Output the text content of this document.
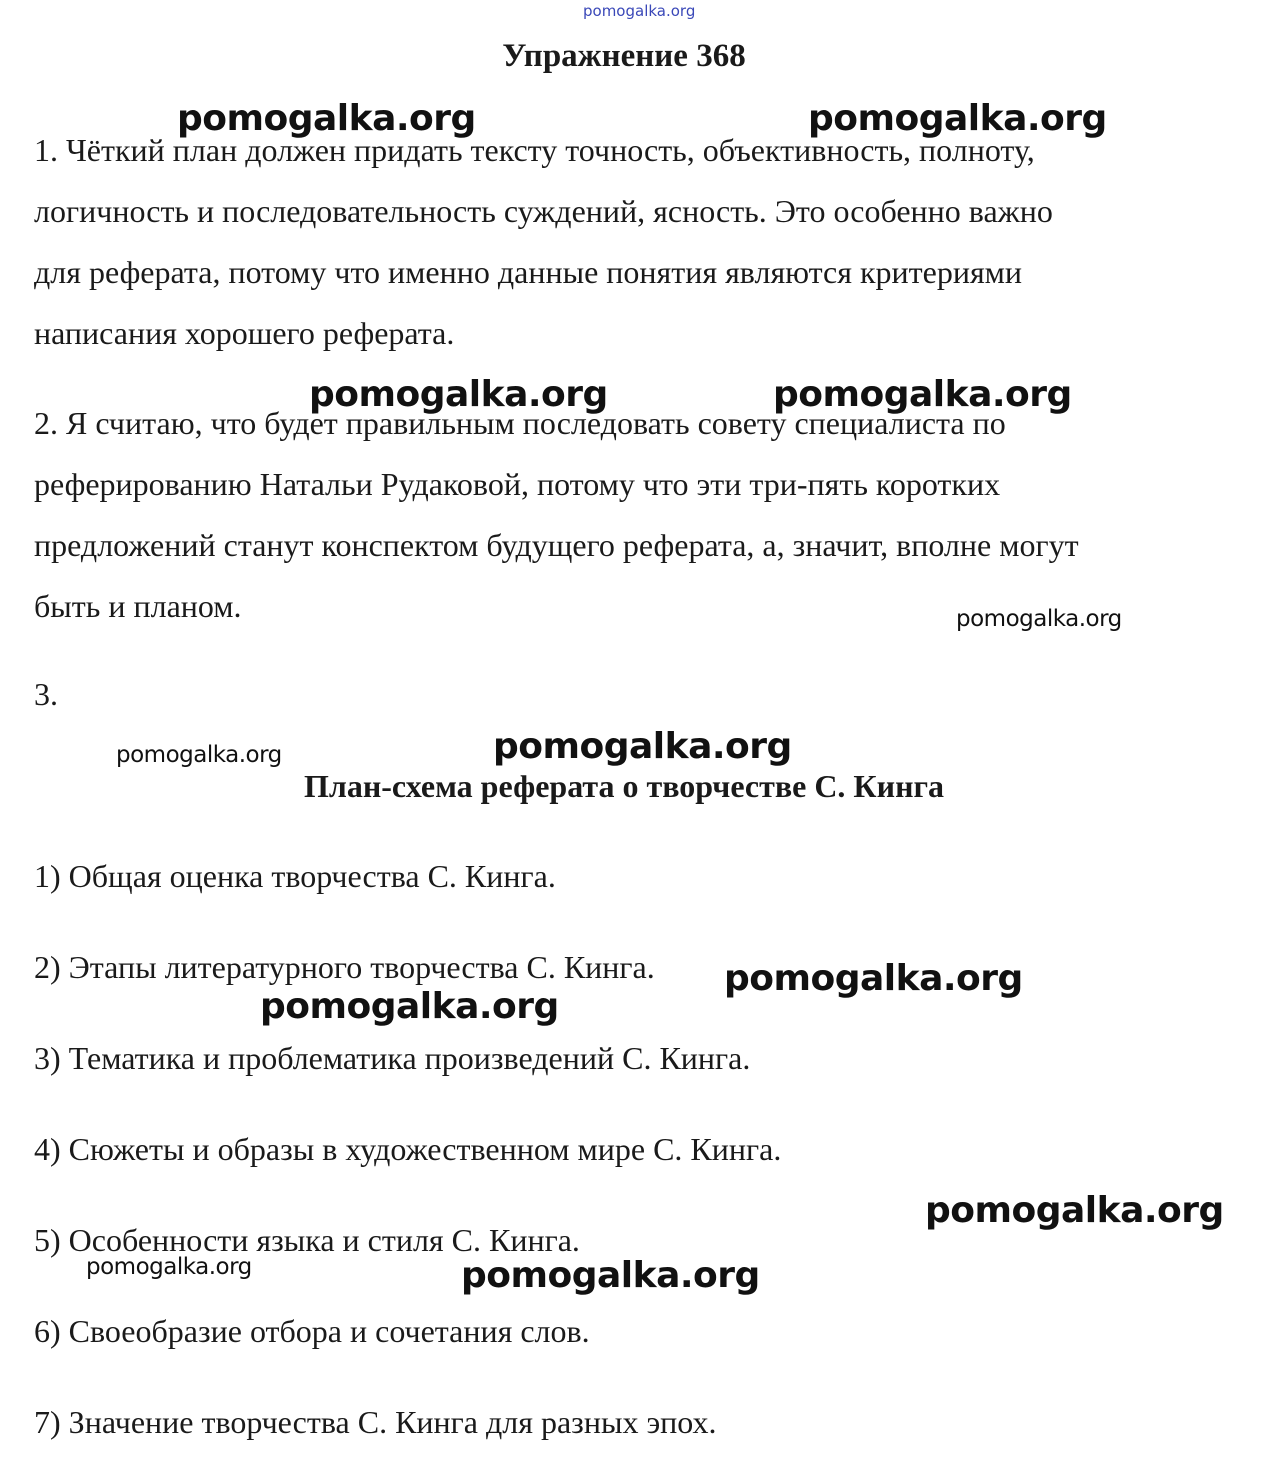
pomogalka.org
Упражнение 368
1. Чёткий план должен придать тексту точность, объективность, полноту,
логичность и последовательность суждений, ясность. Это особенно важно
для реферата, потому что именно данные понятия являются критериями
написания хорошего реферата.
2. Я считаю, что будет правильным последовать совету специалиста по
реферированию Натальи Рудаковой, потому что эти три-пять коротких
предложений станут конспектом будущего реферата, а, значит, вполне могут
быть и планом.
3.
План-схема реферата о творчестве С. Кинга
1) Общая оценка творчества С. Кинга.
2) Этапы литературного творчества С. Кинга.
3) Тематика и проблематика произведений С. Кинга.
4) Сюжеты и образы в художественном мире С. Кинга.
5) Особенности языка и стиля С. Кинга.
6) Своеобразие отбора и сочетания слов.
7) Значение творчества С. Кинга для разных эпох.
pomogalka.org	pomogalka.org
pomogalka.org	pomogalka.org
pomogalka.org
pomogalka.org	pomogalka.org
pomogalka.org
pomogalka.org
pomogalka.org
pomogalka.org	pomogalka.org
